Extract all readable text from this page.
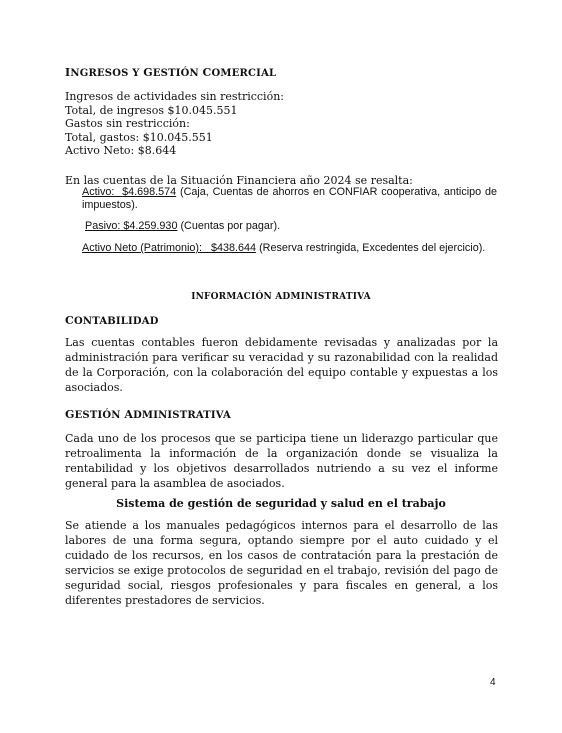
INGRESOS Y GESTIÓN COMERCIAL
Ingresos de actividades sin restricción:
Total, de ingresos $10.045.551
Gastos sin restricción:
Total, gastos: $10.045.551
Activo Neto: $8.644
En las cuentas de la Situación Financiera año 2024 se resalta:
Activo: $4.698.574 (Caja, Cuentas de ahorros en CONFIAR cooperativa, anticipo de impuestos).
Pasivo: $4.259.930 (Cuentas por pagar).
Activo Neto (Patrimonio): $438.644 (Reserva restringida, Excedentes del ejercicio).
INFORMACIÓN ADMINISTRATIVA
CONTABILIDAD
Las cuentas contables fueron debidamente revisadas y analizadas por la administración para verificar su veracidad y su razonabilidad con la realidad de la Corporación, con la colaboración del equipo contable y expuestas a los asociados.
GESTIÓN ADMINISTRATIVA
Cada uno de los procesos que se participa tiene un liderazgo particular que retroalimenta la información de la organización donde se visualiza la rentabilidad y los objetivos desarrollados nutriendo a su vez el informe general para la asamblea de asociados.
Sistema de gestión de seguridad y salud en el trabajo
Se atiende a los manuales pedagógicos internos para el desarrollo de las labores de una forma segura, optando siempre por el auto cuidado y el cuidado de los recursos, en los casos de contratación para la prestación de servicios se exige protocolos de seguridad en el trabajo, revisión del pago de seguridad social, riesgos profesionales y para fiscales en general, a los diferentes prestadores de servicios.
4
